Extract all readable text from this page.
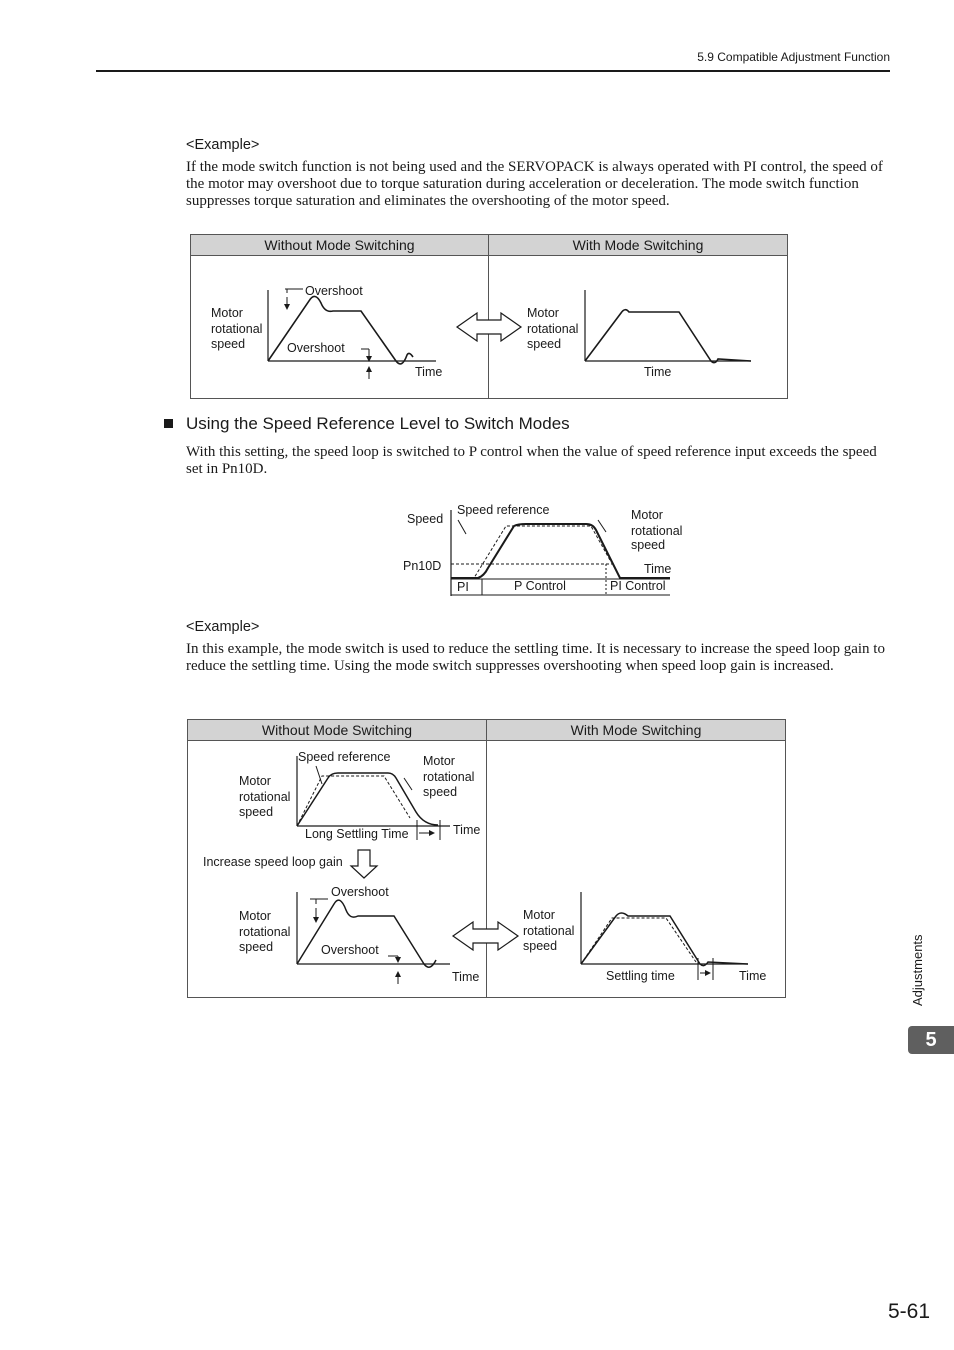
5.9 Compatible Adjustment Function
<Example>
If the mode switch function is not being used and the SERVOPACK is always operated with PI control, the speed of the motor may overshoot due to torque saturation during acceleration or deceleration. The mode switch function suppresses torque saturation and eliminates the overshooting of the motor speed.
Without Mode Switching	With Mode Switching
Motor
rotational
speed
Overshoot
Overshoot
Time
Motor
rotational
speed
Time
Using the Speed Reference Level to Switch Modes
With this setting, the speed loop is switched to P control when the value of speed reference input exceeds the speed set in Pn10D.
Speed
Speed reference	Motor
rotational
speed
Pn10D	Time
PI	P Control	PI Control
<Example>
In this example, the mode switch is used to reduce the settling time. It is necessary to increase the speed loop gain to reduce the settling time. Using the mode switch suppresses overshooting when speed loop gain is increased.
Without Mode Switching	With Mode Switching
Motor
rotational
speed
Speed reference	Motor
rotational
speed
Long Settling Time	Time
Increase speed loop gain
Overshoot
Motor
rotational
speed	Overshoot
Time
Motor
rotational
speed
Settling time	Time	Adjustments
5
5-61
